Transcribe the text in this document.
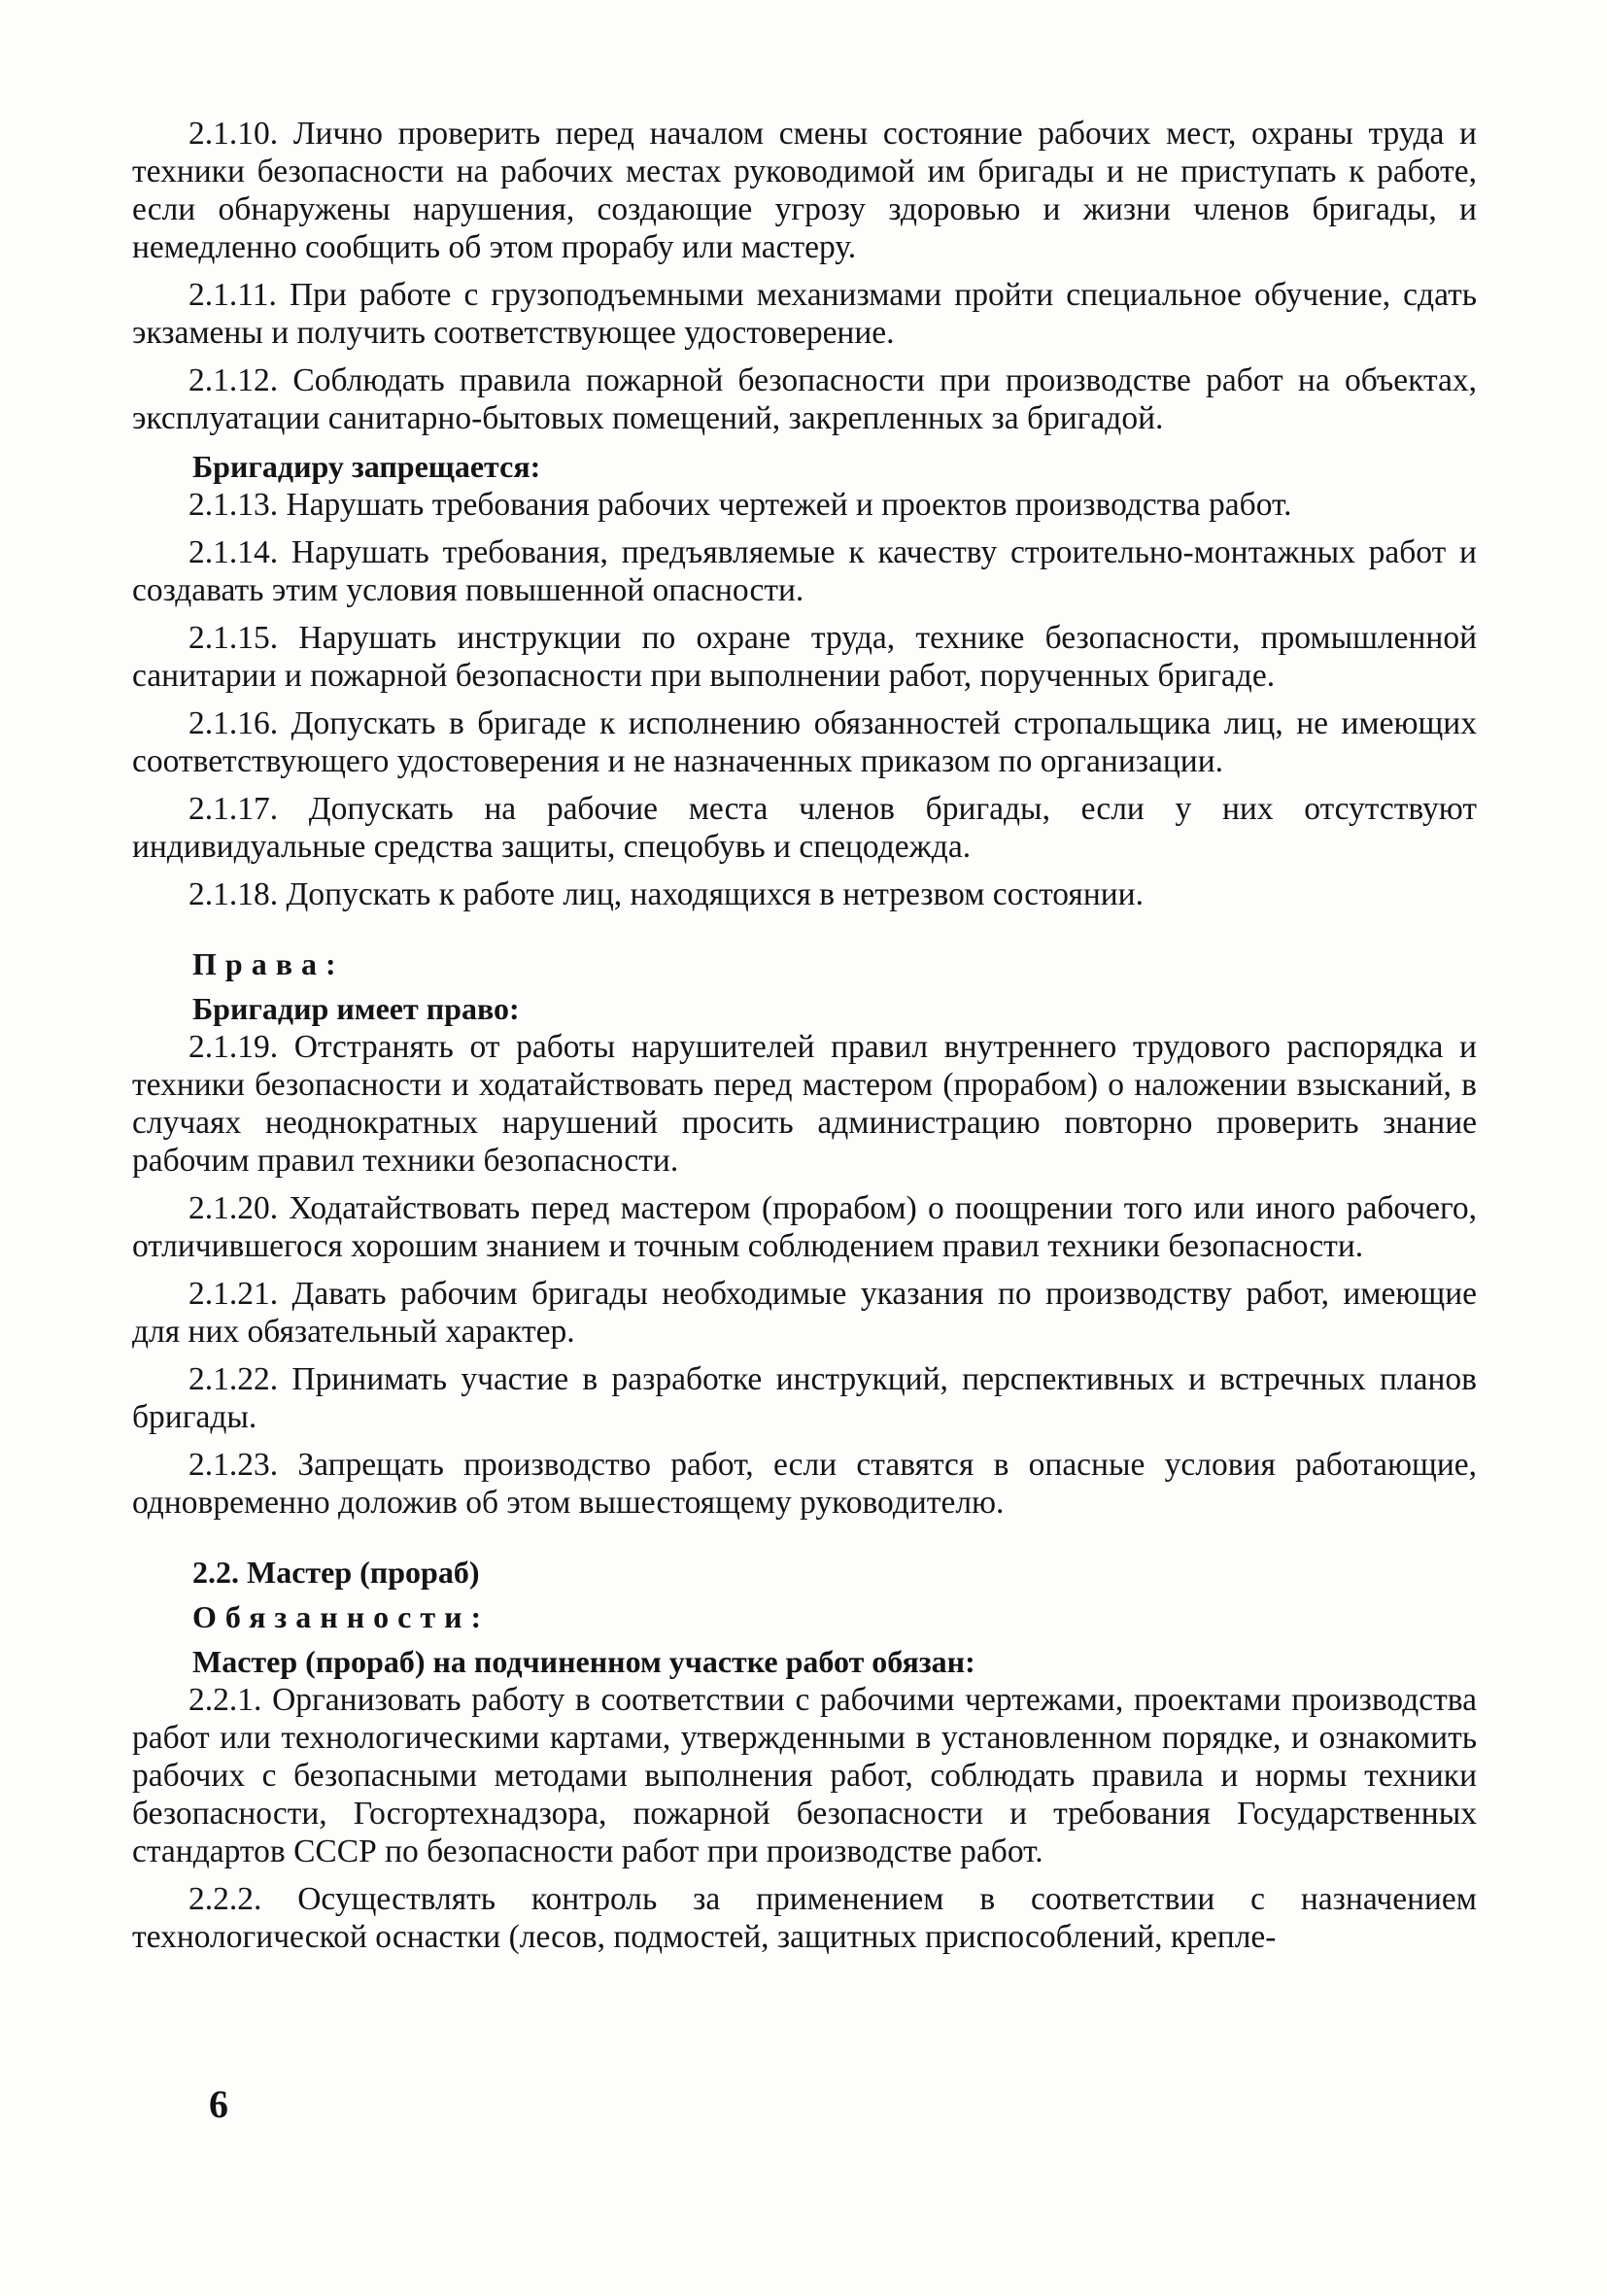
2.1.10. Лично проверить перед началом смены состояние рабочих мест, охраны труда и техники безопасности на рабочих местах руководимой им бригады и не приступать к работе, если обнаружены нарушения, создающие угрозу здоровью и жизни членов бригады, и немедленно сообщить об этом прорабу или мастеру.

2.1.11. При работе с грузоподъемными механизмами пройти специальное обучение, сдать экзамены и получить соответствующее удостоверение.

2.1.12. Соблюдать правила пожарной безопасности при производстве работ на объектах, эксплуатации санитарно-бытовых помещений, закрепленных за бригадой.

Бригадиру запрещается:

2.1.13. Нарушать требования рабочих чертежей и проектов производства работ.

2.1.14. Нарушать требования, предъявляемые к качеству строительно-монтажных работ и создавать этим условия повышенной опасности.

2.1.15. Нарушать инструкции по охране труда, технике безопасности, промышленной санитарии и пожарной безопасности при выполнении работ, порученных бригаде.

2.1.16. Допускать в бригаде к исполнению обязанностей стропальщика лиц, не имеющих соответствующего удостоверения и не назначенных приказом по организации.

2.1.17. Допускать на рабочие места членов бригады, если у них отсутствуют индивидуальные средства защиты, спецобувь и спецодежда.

2.1.18. Допускать к работе лиц, находящихся в нетрезвом состоянии.

Права:
Бригадир имеет право:

2.1.19. Отстранять от работы нарушителей правил внутреннего трудового распорядка и техники безопасности и ходатайствовать перед мастером (прорабом) о наложении взысканий, в случаях неоднократных нарушений просить администрацию повторно проверить знание рабочим правил техники безопасности.

2.1.20. Ходатайствовать перед мастером (прорабом) о поощрении того или иного рабочего, отличившегося хорошим знанием и точным соблюдением правил техники безопасности.

2.1.21. Давать рабочим бригады необходимые указания по производству работ, имеющие для них обязательный характер.

2.1.22. Принимать участие в разработке инструкций, перспективных и встречных планов бригады.

2.1.23. Запрещать производство работ, если ставятся в опасные условия работающие, одновременно доложив об этом вышестоящему руководителю.

2.2. Мастер (прораб)
Обязанности:
Мастер (прораб) на подчиненном участке работ обязан:

2.2.1. Организовать работу в соответствии с рабочими чертежами, проектами производства работ или технологическими картами, утвержденными в установленном порядке, и ознакомить рабочих с безопасными методами выполнения работ, соблюдать правила и нормы техники безопасности, Госгортехнадзора, пожарной безопасности и требования Государственных стандартов СССР по безопасности работ при производстве работ.

2.2.2. Осуществлять контроль за применением в соответствии с назначением технологической оснастки (лесов, подмостей, защитных приспособлений, крепле-

6
